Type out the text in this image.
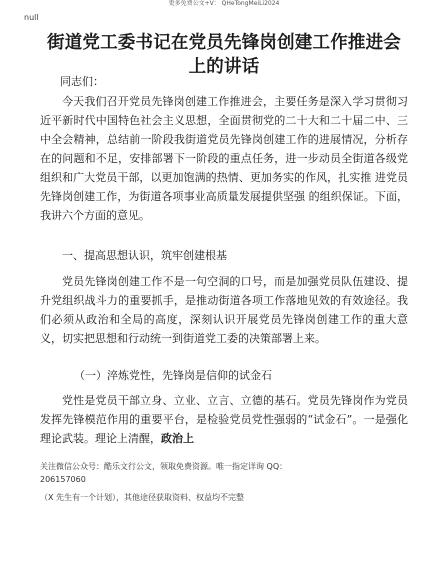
更多免费公文+V： QHeTongMeiLi2024
null
街道党工委书记在党员先锋岗创建工作推进会上的讲话
同志们：

今天我们召开党员先锋岗创建工作推进会，主要任务是深入学习贯彻习近平新时代中国特色社会主义思想，全面贯彻党的二十大和二十届二中、三中全会精神，总结前一阶段我街道党员先锋岗创建工作的进展情况，分析存在的问题和不足，安排部署下一阶段的重点任务，进一步动员全街道各级党组织和广大党员干部，以更加饱满的热情、更加务实的作风，扎实推 进党员先锋岗创建工作，为街道各项事业高质量发展提供坚强 的组织保证。下面，我讲六个方面的意见。

一、提高思想认识，筑牢创建根基

党员先锋岗创建工作不是一句空洞的口号，而是加强党员队伍建设、提升党组织战斗力的重要抓手，是推动街道各项工作落地见效的有效途径。我们必须从政治和全局的高度，深刻认识开展党员先锋岗创建工作的重大意义，切实把思想和行动统一到街道党工委的决策部署上来。

（一）淬炼党性，先锋岗是信仰的试金石

党性是党员干部立身、立业、立言、立德的基石。党员先锋岗作为党员发挥先锋模范作用的重要平台，是检验党员党性强弱的“试金石”。一是强化理论武装。理论上清醒，政治上

关注微信公众号：酷乐文行公文，领取免费资源。唯一指定详询 QQ：
206157060
（X 先生有一个计划），其他途径获取资料、权益均不完整
